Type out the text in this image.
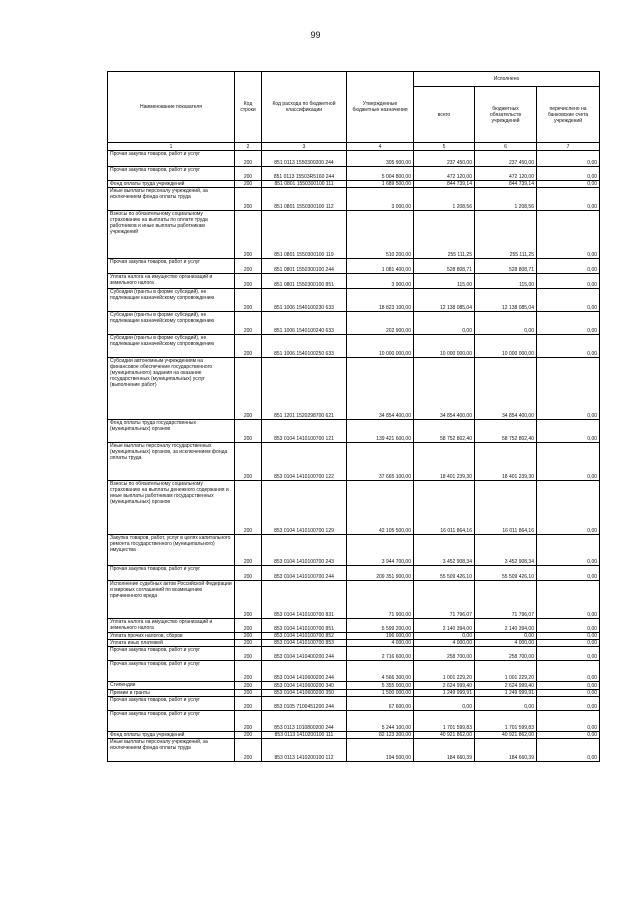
99
Наименование показателя	Код строки	Код расхода по бюджетной классификации	Утвержденные бюджетные назначения	Исполнено		
				всего	бюджетных обязательств учреждений	перечислено на банковские счета учреждений
1	2	3	4	5	6	7
Прочая закупка товаров, работ и услуг	200	851 0113 1550300200 244	305 900,00	237 450,00	237 450,00	0,00
Прочая закупка товаров, работ и услуг	200	851 0113 15503R5160 244	5 004 800,00	472 120,00	472 120,00	0,00
Фонд оплаты труда учреждений	200	851 0801 1550300100 111	1 689 500,00	844 739,14	844 739,14	0,00
Иные выплаты персоналу учреждений, за исключением фонда оплаты труда	200	851 0801 1550300100 112	3 000,00	1 208,56	1 208,56	0,00
Взносы по обязательному социальному страхованию на выплаты по оплате труда работников и иные выплаты работникам учреждений	200	851 0801 1550300100 119	510 200,00	255 111,25	255 111,25	0,00
Прочая закупка товаров, работ и услуг	200	851 0801 1550300100 244	1 081 400,00	528 808,71	528 808,71	0,00
Уплата налога на имущество организаций и земельного налога	200	851 0801 1550300100 851	3 900,00	115,00	115,00	0,00
Субсидии (гранты в форме субсидий), не подлежащие казначейскому сопровождению	200	851 1006 1540100230 633	18 823 100,00	12 138 085,04	12 138 085,04	0,00
Субсидии (гранты в форме субсидий), не подлежащие казначейскому сопровождению	200	851 1006 1540100240 633	202 900,00	0,00	0,00	0,00
Субсидии (гранты в форме субсидий), не подлежащие казначейскому сопровождению	200	851 1006 1540100250 633	10 000 000,00	10 000 000,00	10 000 000,00	0,00
Субсидии автономным учреждениям на финансовое обеспечение государственного (муниципального) задания на оказание государственных (муниципальных) услуг (выполнение работ)	200	851 1201 1520298700 621	34 854 400,00	34 854 400,00	34 854 400,00	0,00
Фонд оплаты труда государственных (муниципальных) органов	200	853 0104 1410100700 121	139 421 600,00	58 752 802,40	58 752 802,40	0,00
Иные выплаты персоналу государственных (муниципальных) органов, за исключением фонда оплаты труда	200	853 0104 1410100700 122	37 665 100,00	18 401 239,30	18 401 239,30	0,00
Взносы по обязательному социальному страхованию на выплаты денежного содержания и иные выплаты работникам государственных (муниципальных) органов	200	853 0104 1410100700 129	42 105 500,00	16 011 864,16	16 011 864,16	0,00
Закупка товаров, работ, услуг в целях капитального ремонта государственного (муниципального) имущества	200	853 0104 1410100700 243	3 944 700,00	3 452 908,34	3 452 908,34	0,00
Прочая закупка товаров, работ и услуг	200	853 0104 1410100700 244	209 351 900,00	55 509 426,10	55 509 426,10	0,00
Исполнение судебных актов Российской Федерации и мировых соглашений по возмещению причиненного вреда	200	853 0104 1410100700 831	71 900,00	71 796,07	71 796,07	0,00
Уплата налога на имущество организаций и земельного налога	200	853 0104 1410100700 851	5 599 200,00	2 140 394,00	2 140 394,00	0,00
Уплата прочих налогов, сборов	200	853 0104 1410100700 852	196 000,00	0,00	0,00	0,00
Уплата иных платежей	200	853 0104 1410100700 853	4 000,00	4 000,00	4 000,00	0,00
Прочая закупка товаров, работ и услуг	200	853 0104 1410400200 244	2 716 600,00	258 700,00	258 700,00	0,00
Прочая закупка товаров, работ и услуг	200	853 0104 1410600200 244	4 566 300,00	1 001 229,20	1 001 229,20	0,00
Стипендии	200	853 0104 1410600200 340	5 355 000,00	2 624 999,40	2 624 999,40	0,00
Премии и гранты	200	853 0104 1410600200 350	1 500 000,00	1 249 999,91	1 249 999,91	0,00
Прочая закупка товаров, работ и услуг	200	853 0105 7100451200 244	67 600,00	0,00	0,00	0,00
Прочая закупка товаров, работ и услуг	200	853 0113 1010800200 244	5 244 100,00	1 701 599,83	1 701 599,83	0,00
Фонд оплаты труда учреждений	200	853 0113 1410200100 111	82 123 300,00	40 921 862,00	40 921 862,00	0,00
Иные выплаты персоналу учреждений, за исключением фонда оплаты труда	200	853 0113 1410200100 112	194 500,00	184 660,39	184 660,39	0,00
